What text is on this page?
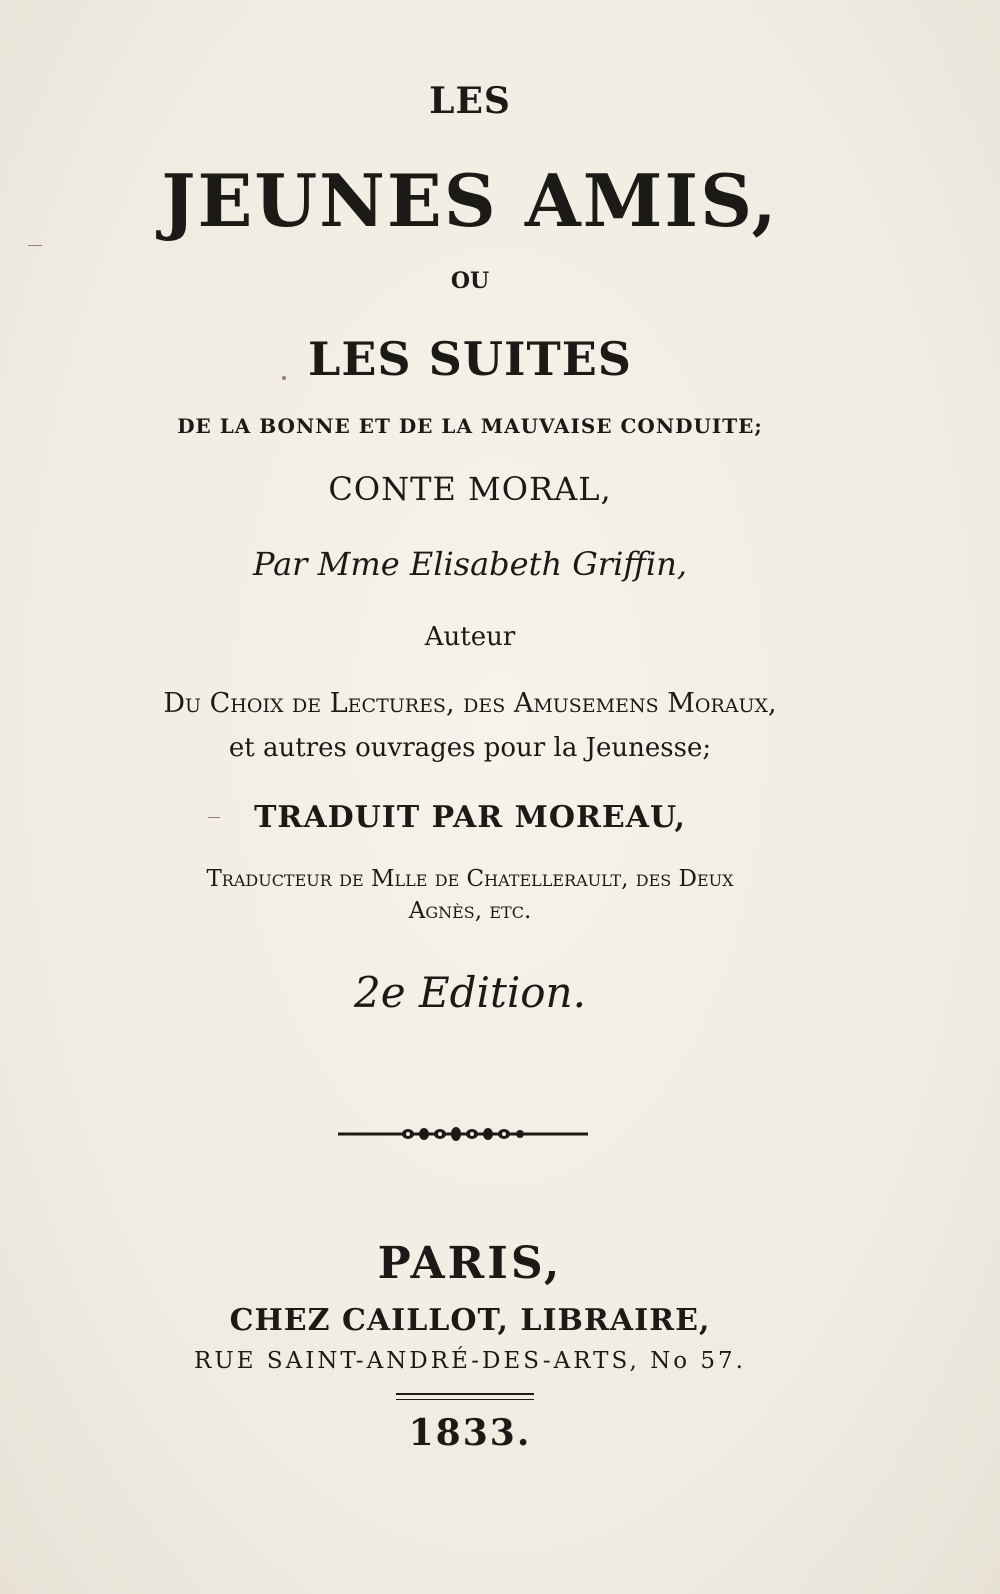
LES
JEUNES AMIS,
OU
LES SUITES
DE LA BONNE ET DE LA MAUVAISE CONDUITE;
CONTE MORAL,
Par Mme Elisabeth Griffin,
Auteur
Du Choix de Lectures, des Amusemens Moraux,
et autres ouvrages pour la Jeunesse;
TRADUIT PAR MOREAU,
Traducteur de Mlle de Chatellerault, des Deux
Agnès, etc.
2e Edition.
PARIS,
CHEZ CAILLOT, LIBRAIRE,
RUE SAINT-ANDRÉ-DES-ARTS, No 57.
1833.
